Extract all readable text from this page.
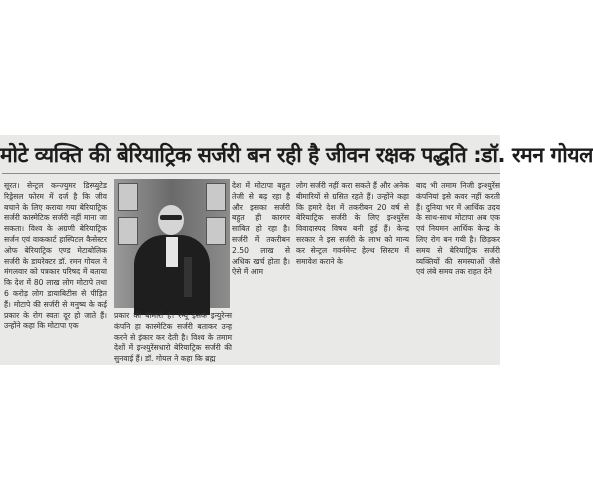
मोटे व्यक्ति की बेरियाट्रिक सर्जरी बन रही है जीवन रक्षक पद्धति :डॉ. रमन गोयल

सूरत। सेन्ट्रल कन्ज्युमर डिस्प्युटेड रिड्रेसल फोरम में दर्ज है कि जीव बचाने के लिए कराया गया बेरियाट्रिक सर्जरी कास्मेटिक सर्जरी नहीं माना जा सकता। विश्व के अग्रणी बेरियाट्रिक सर्जन एवं वाककार्ट हास्पिटल कैसेस्टर ओफ बेरियाट्रिक एण्ड मेटाबोलिक सर्जरी के डायरेक्टर डॉ. रमन गोयल ने मंगलवार को पत्रकार परिषद में बताया कि देश में 80 लाख लोग मोटापे तथा 6 करोड़ लोग डायाबिटीस से पीड़ित हैं। मोटापे की सर्जरी से मनुष्य के कई प्रकार के रोग स्वतः दूर हो जाते हैं। उन्होंने कहा कि मोटापा एक

प्रकार की बीमारी है। रन्यू इसके इन्युरेन्स कंपनि हा कास्मेटिक सर्जरी बताकर उन्ह करने से इंकार कर देती है। विश्व के तमाम देशों में इन्श्युरेंसधारो बेरियाट्रिक सर्जरी की सुनवाई हैं। डॉ. गोयल ने कहा कि ब्रह्म

देश में मोटापा बहुत तेजी से बढ़ रहा है और इसका सर्जरी बहुत ही कारगर साबित हो रहा है। सर्जरी में तकरीबन 2.50 लाख से अधिक खर्च होता है। ऐसे में आम

लोग सर्जरी नहीं करा सकते हैं और अनेक बीमारियों से ग्रसित रहते हैं। उन्होंने कहा कि हमारे देश में तकरीबन 20 वर्ष से बेरियाट्रिक सर्जरी के लिए इन्श्युरेंस विवादास्पद विषय बनी हुई हैं। केन्द्र सरकार ने इस सर्जरी के लाभ को मान्य कर सेन्ट्रल गवर्नमेन्ट हेल्थ सिस्टम में समावेश कराने के

बाद भी तमाम निजी इन्श्युरेंस कंपनियां इसे कवर नहीं करती हैं। दुनिया भर में आर्थिक उदय के साथ-साथ मोटापा अब एक एवं नियमन आर्थिक केन्द्र के लिए रोग बन गयी है। छिड़कर समय से बेरियाट्रिक सर्जरी व्यक्तियों की समस्याओं जैसे एवं लंबे समय तक राहत देने
